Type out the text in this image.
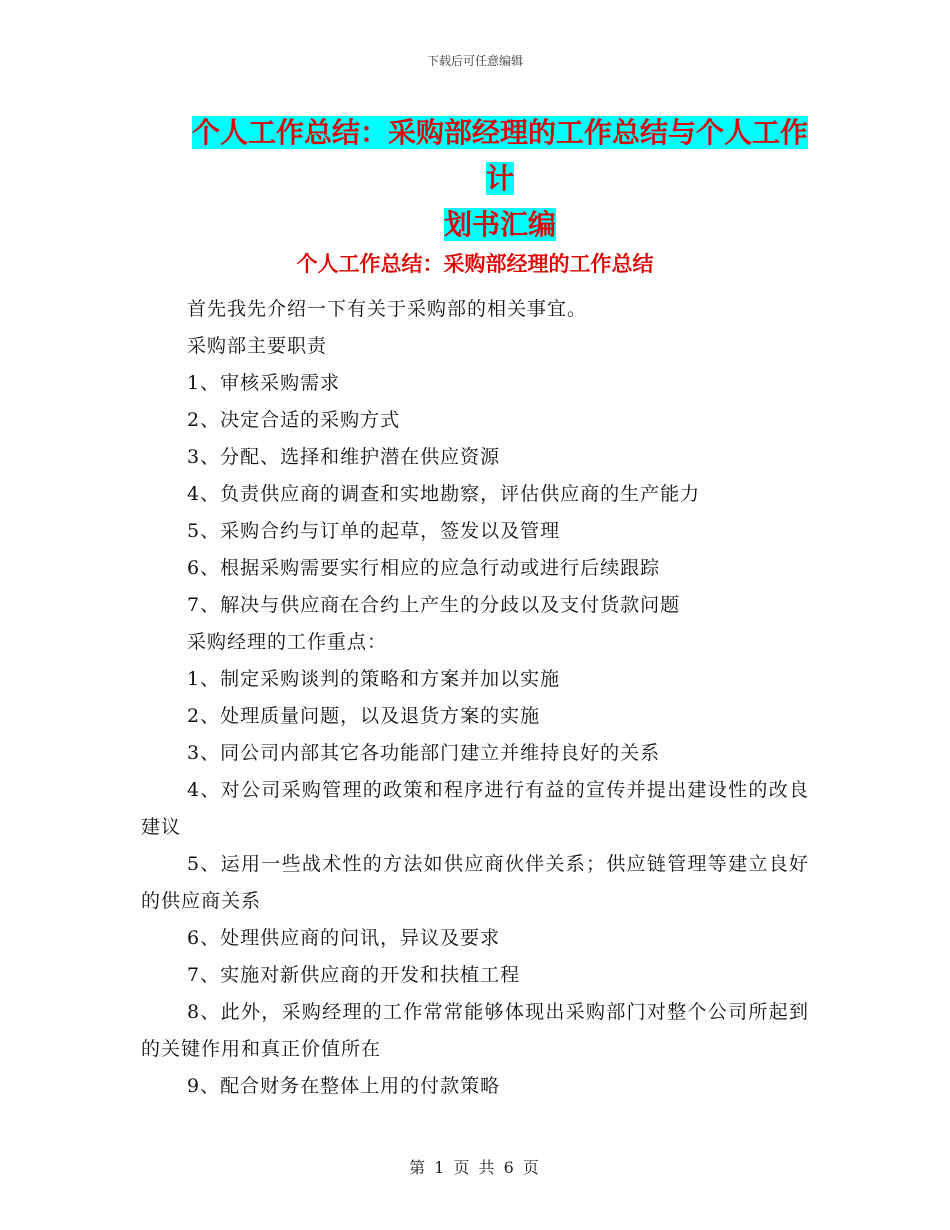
下载后可任意编辑
个人工作总结：采购部经理的工作总结与个人工作计
划书汇编
个人工作总结：采购部经理的工作总结

首先我先介绍一下有关于采购部的相关事宜。

采购部主要职责

1、审核采购需求

2、决定合适的采购方式

3、分配、选择和维护潜在供应资源

4、负责供应商的调查和实地勘察，评估供应商的生产能力

5、采购合约与订单的起草，签发以及管理

6、根据采购需要实行相应的应急行动或进行后续跟踪

7、解决与供应商在合约上产生的分歧以及支付货款问题

采购经理的工作重点：

1、制定采购谈判的策略和方案并加以实施

2、处理质量问题，以及退货方案的实施

3、同公司内部其它各功能部门建立并维持良好的关系

4、对公司采购管理的政策和程序进行有益的宣传并提出建设性的改良建议

5、运用一些战术性的方法如供应商伙伴关系；供应链管理等建立良好的供应商关系

6、处理供应商的问讯，异议及要求

7、实施对新供应商的开发和扶植工程

8、此外，采购经理的工作常常能够体现出采购部门对整个公司所起到的关键作用和真正价值所在

9、配合财务在整体上用的付款策略

第 1 页 共 6 页
